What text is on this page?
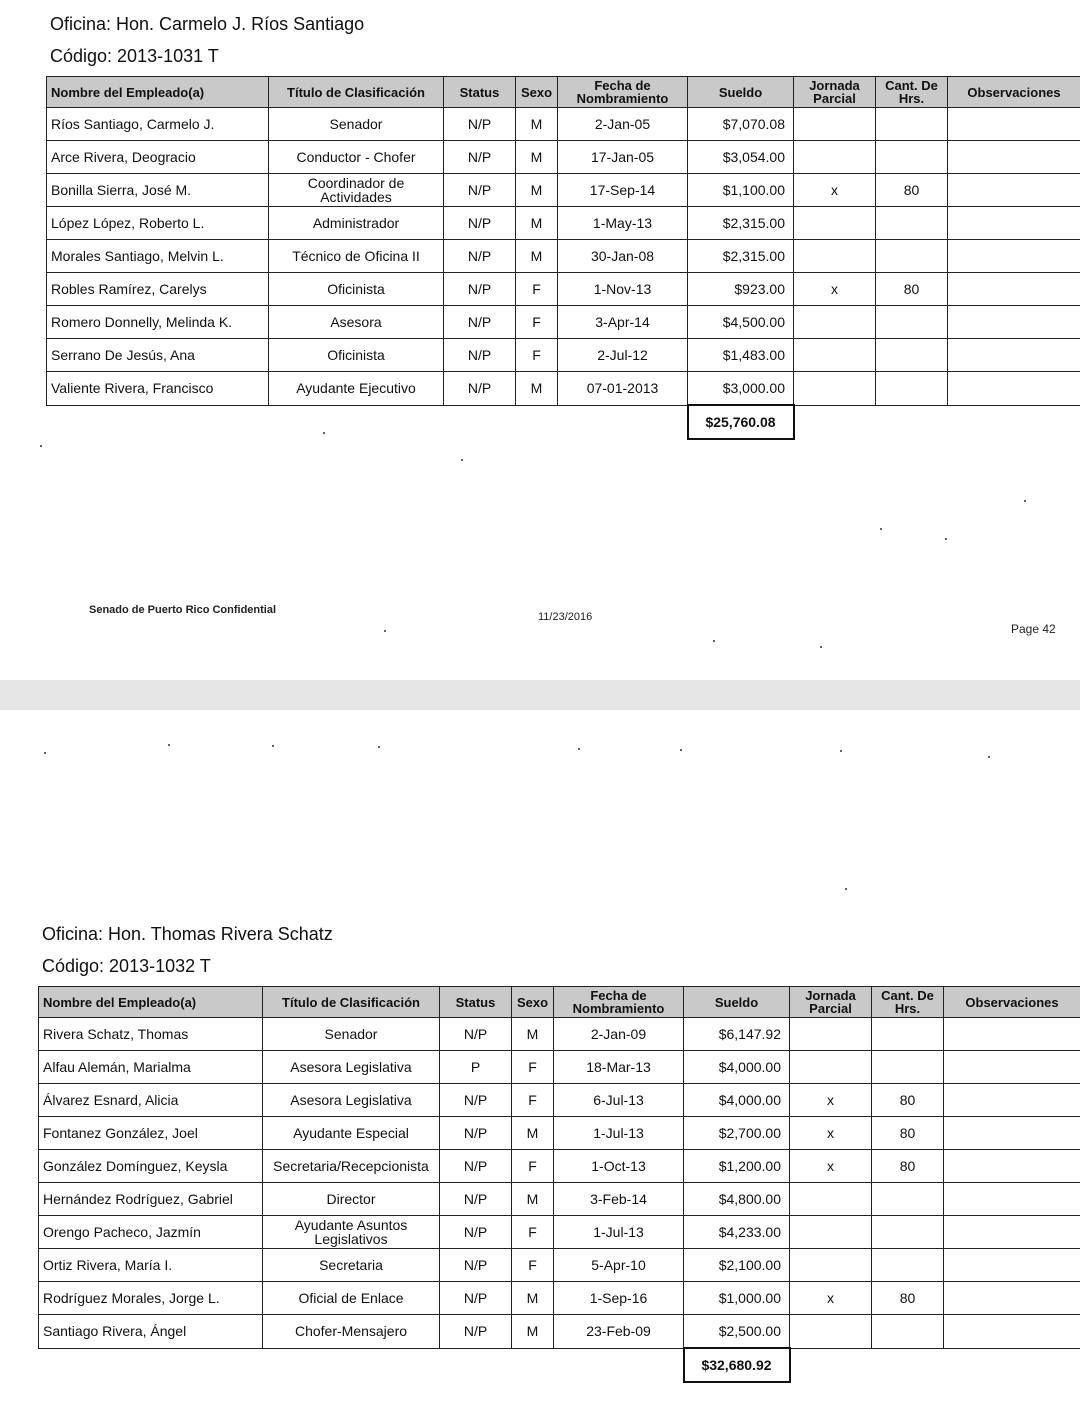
Oficina: Hon. Carmelo J. Ríos Santiago
Código: 2013-1031 T
Nombre del Empleado(a)	Título de Clasificación	Status	Sexo	Fecha de Nombramiento	Sueldo	Jornada Parcial	Cant. De Hrs.	Observaciones
Ríos Santiago, Carmelo J.	Senador	N/P	M	2-Jan-05	$7,070.08			
Arce Rivera, Deogracio	Conductor - Chofer	N/P	M	17-Jan-05	$3,054.00			
Bonilla Sierra, José M.	Coordinador de Actividades	N/P	M	17-Sep-14	$1,100.00	x	80	
López López, Roberto L.	Administrador	N/P	M	1-May-13	$2,315.00			
Morales Santiago, Melvin L.	Técnico de Oficina II	N/P	M	30-Jan-08	$2,315.00			
Robles Ramírez, Carelys	Oficinista	N/P	F	1-Nov-13	$923.00	x	80	
Romero Donnelly, Melinda K.	Asesora	N/P	F	3-Apr-14	$4,500.00			
Serrano De Jesús, Ana	Oficinista	N/P	F	2-Jul-12	$1,483.00			
Valiente Rivera, Francisco	Ayudante Ejecutivo	N/P	M	07-01-2013	$3,000.00			
					$25,760.08			
Senado de Puerto Rico Confidential
11/23/2016
Page 42
Oficina: Hon. Thomas Rivera Schatz
Código: 2013-1032 T
Nombre del Empleado(a)	Título de Clasificación	Status	Sexo	Fecha de Nombramiento	Sueldo	Jornada Parcial	Cant. De Hrs.	Observaciones
Rivera Schatz, Thomas	Senador	N/P	M	2-Jan-09	$6,147.92			
Alfau Alemán, Marialma	Asesora Legislativa	P	F	18-Mar-13	$4,000.00			
Álvarez Esnard, Alicia	Asesora Legislativa	N/P	F	6-Jul-13	$4,000.00	x	80	
Fontanez González, Joel	Ayudante Especial	N/P	M	1-Jul-13	$2,700.00	x	80	
González Domínguez, Keysla	Secretaria/Recepcionista	N/P	F	1-Oct-13	$1,200.00	x	80	
Hernández Rodríguez, Gabriel	Director	N/P	M	3-Feb-14	$4,800.00			
Orengo Pacheco, Jazmín	Ayudante Asuntos Legislativos	N/P	F	1-Jul-13	$4,233.00			
Ortiz Rivera, María I.	Secretaria	N/P	F	5-Apr-10	$2,100.00			
Rodríguez Morales, Jorge L.	Oficial de Enlace	N/P	M	1-Sep-16	$1,000.00	x	80	
Santiago Rivera, Ángel	Chofer-Mensajero	N/P	M	23-Feb-09	$2,500.00			
					$32,680.92			
